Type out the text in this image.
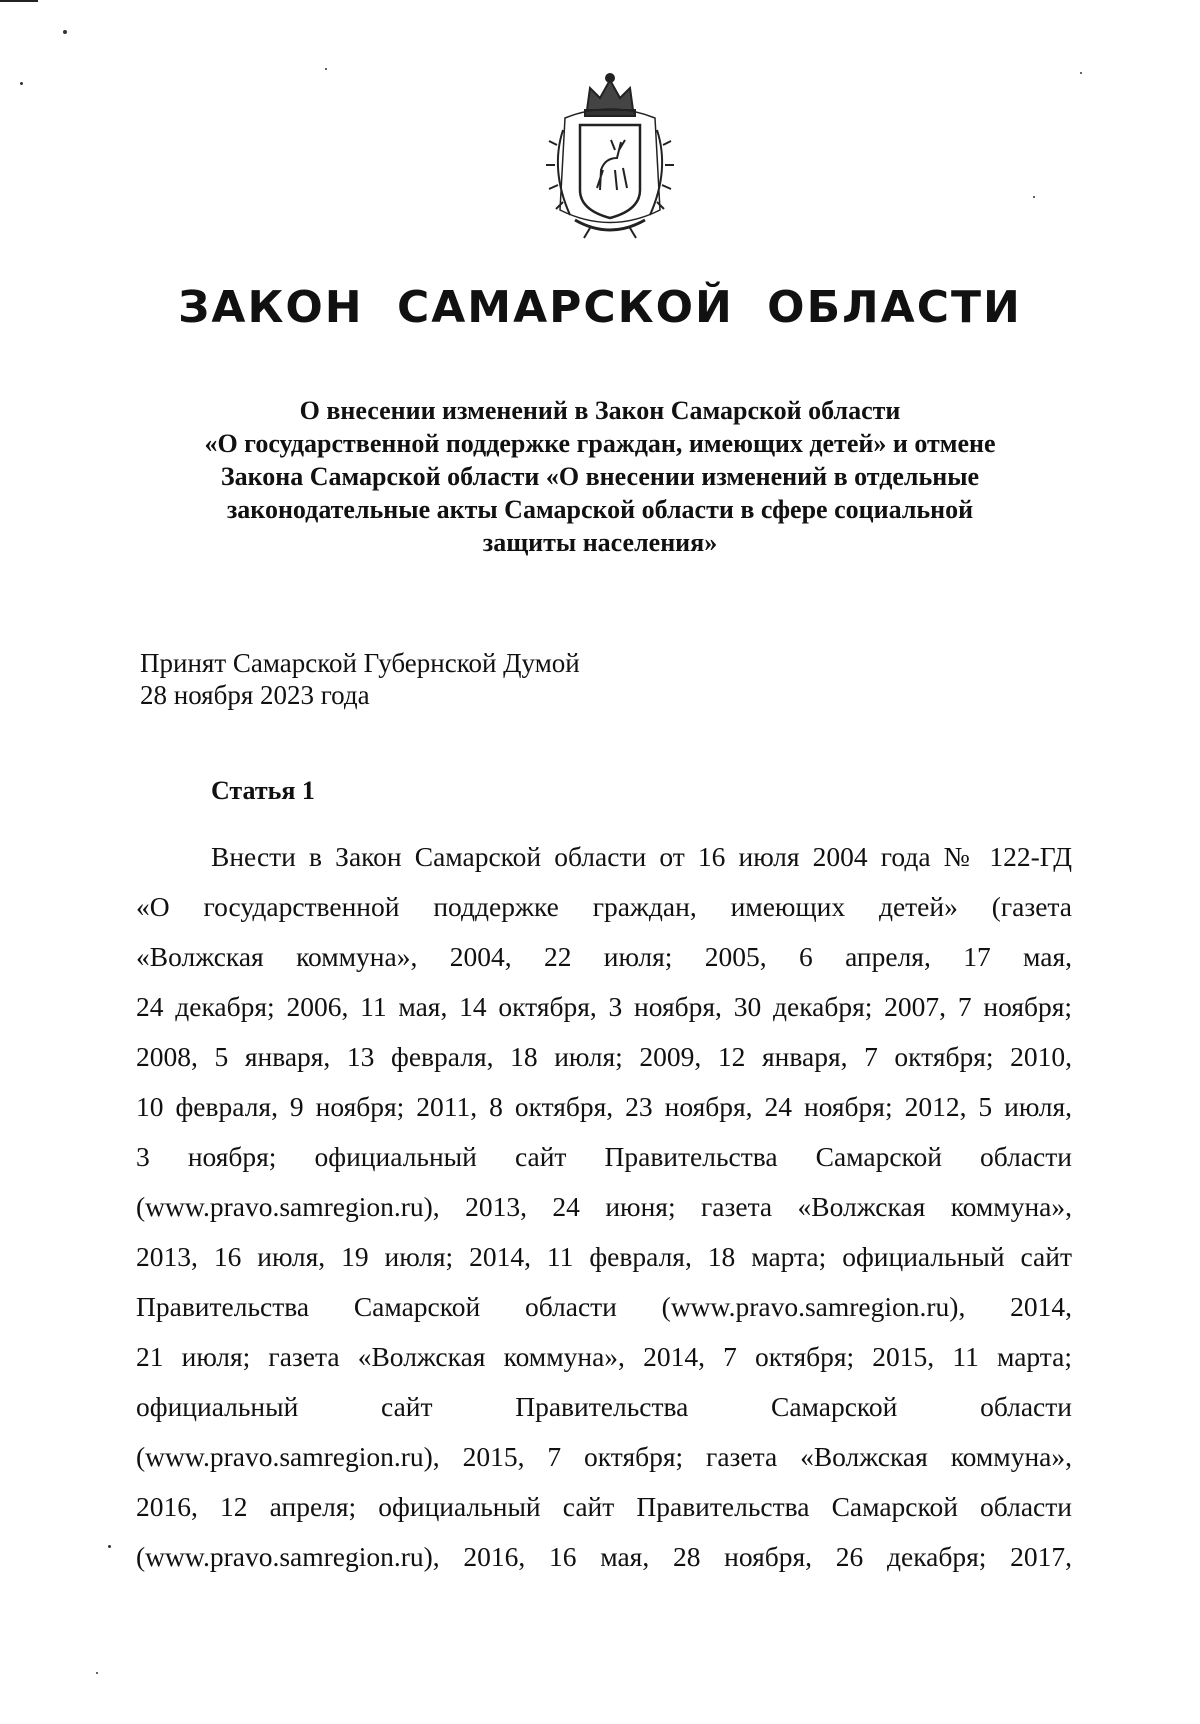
ЗАКОН САМАРСКОЙ ОБЛАСТИ
О внесении изменений в Закон Самарской области
«О государственной поддержке граждан, имеющих детей» и отмене
Закона Самарской области «О внесении изменений в отдельные
законодательные акты Самарской области в сфере социальной
защиты населения»
Принят Самарской Губернской Думой
28 ноября 2023 года
Статья 1
Внести в Закон Самарской области от 16 июля 2004 года № 122-ГД
«О государственной поддержке граждан, имеющих детей» (газета
«Волжская коммуна», 2004, 22 июля; 2005, 6 апреля, 17 мая,
24 декабря; 2006, 11 мая, 14 октября, 3 ноября, 30 декабря; 2007, 7 ноября;
2008, 5 января, 13 февраля, 18 июля; 2009, 12 января, 7 октября; 2010,
10 февраля, 9 ноября; 2011, 8 октября, 23 ноября, 24 ноября; 2012, 5 июля,
3 ноября; официальный сайт Правительства Самарской области
(www.pravo.samregion.ru), 2013, 24 июня; газета «Волжская коммуна»,
2013, 16 июля, 19 июля; 2014, 11 февраля, 18 марта; официальный сайт
Правительства Самарской области (www.pravo.samregion.ru), 2014,
21 июля; газета «Волжская коммуна», 2014, 7 октября; 2015, 11 марта;
официальный сайт Правительства Самарской области
(www.pravo.samregion.ru), 2015, 7 октября; газета «Волжская коммуна»,
2016, 12 апреля; официальный сайт Правительства Самарской области
(www.pravo.samregion.ru), 2016, 16 мая, 28 ноября, 26 декабря; 2017,
